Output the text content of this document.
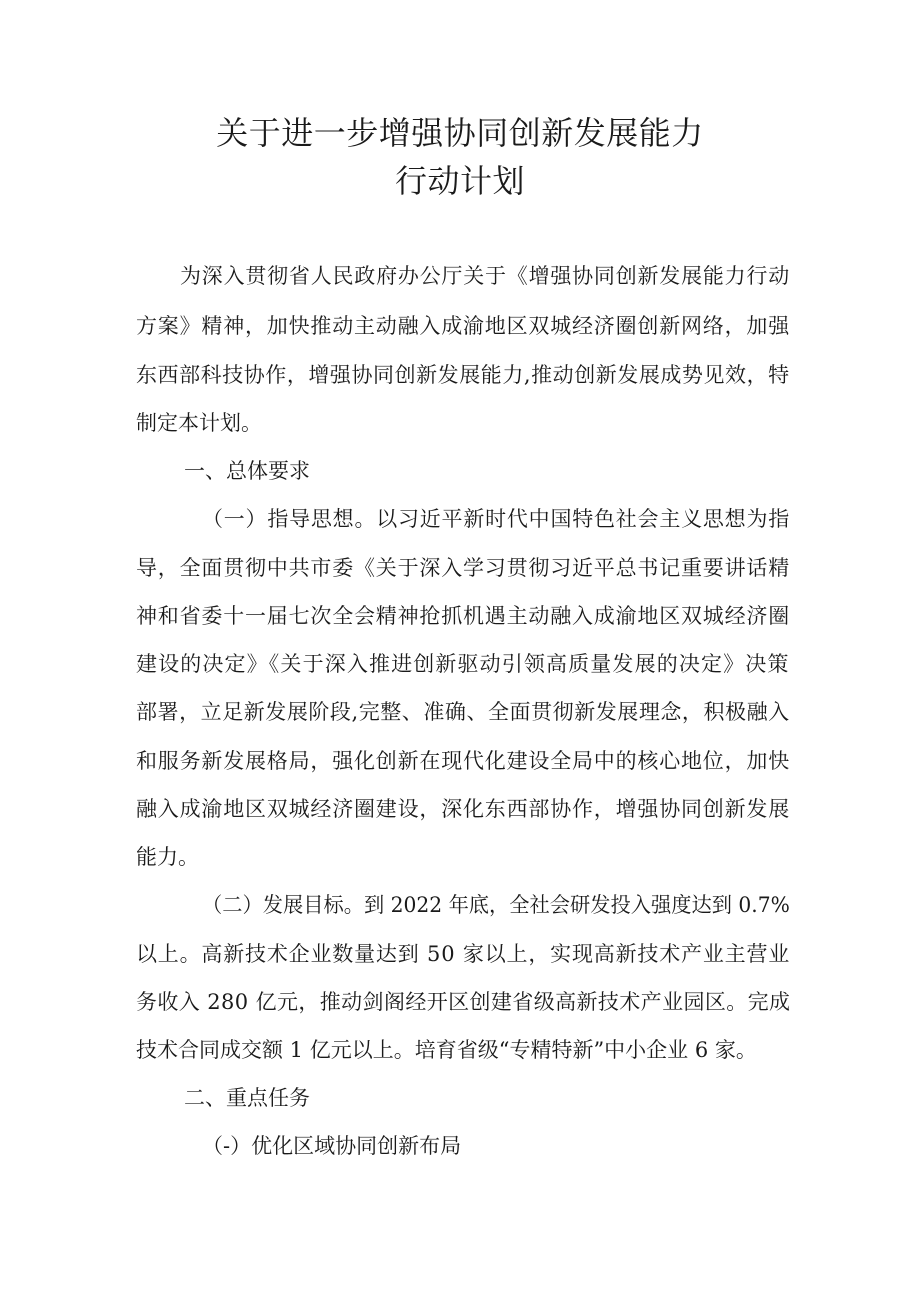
关于进一步增强协同创新发展能力
行动计划
为深入贯彻省人民政府办公厅关于《增强协同创新发展能力行动
方案》精神，加快推动主动融入成渝地区双城经济圈创新网络，加强
东西部科技协作，增强协同创新发展能力,推动创新发展成势见效，特
制定本计划。
一、总体要求
（一）指导思想。以习近平新时代中国特色社会主义思想为指
导，全面贯彻中共市委《关于深入学习贯彻习近平总书记重要讲话精
神和省委十一届七次全会精神抢抓机遇主动融入成渝地区双城经济圈
建设的决定》《关于深入推进创新驱动引领高质量发展的决定》决策
部署，立足新发展阶段,完整、准确、全面贯彻新发展理念，积极融入
和服务新发展格局，强化创新在现代化建设全局中的核心地位，加快
融入成渝地区双城经济圈建设，深化东西部协作，增强协同创新发展
能力。
（二）发展目标。到 2022 年底，全社会研发投入强度达到 0.7%
以上。高新技术企业数量达到 50 家以上，实现高新技术产业主营业
务收入 280 亿元，推动剑阁经开区创建省级高新技术产业园区。完成
技术合同成交额 1 亿元以上。培育省级“专精特新”中小企业 6 家。
二、重点任务
（-）优化区域协同创新布局
